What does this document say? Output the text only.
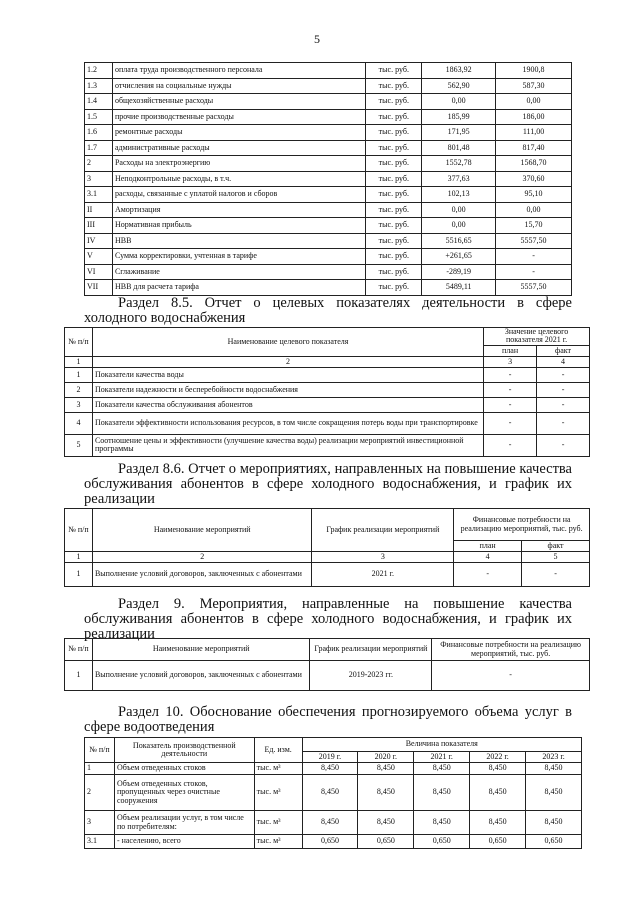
5
1.2	оплата труда производственного персонала	тыс. руб.	1863,92	1900,8
1.3	отчисления на социальные нужды	тыс. руб.	562,90	587,30
1.4	общехозяйственные расходы	тыс. руб.	0,00	0,00
1.5	прочие производственные расходы	тыс. руб.	185,99	186,00
1.6	ремонтные расходы	тыс. руб.	171,95	111,00
1.7	административные расходы	тыс. руб.	801,48	817,40
2	Расходы на электроэнергию	тыс. руб.	1552,78	1568,70
3	Неподконтрольные расходы, в т.ч.	тыс. руб.	377,63	370,60
3.1	расходы, связанные с уплатой налогов и сборов	тыс. руб.	102,13	95,10
II	Амортизация	тыс. руб.	0,00	0,00
III	Нормативная прибыль	тыс. руб.	0,00	15,70
IV	НВВ	тыс. руб.	5516,65	5557,50
V	Сумма корректировки, учтенная в тарифе	тыс. руб.	+261,65	-
VI	Сглаживание	тыс. руб.	-289,19	-
VII	НВВ для расчета тарифа	тыс. руб.	5489,11	5557,50
Раздел 8.5. Отчет о целевых показателях деятельности в сфере холодного водоснабжения
№ п/п	Наименование целевого показателя	Значение целевого показателя 2021 г.	
		план	факт
1	2	3	4
1	Показатели качества воды	-	-
2	Показатели надежности и бесперебойности водоснабжения	-	-
3	Показатели качества обслуживания абонентов	-	-
4	Показатели эффективности использования ресурсов, в том числе сокращения потерь воды при транспортировке	-	-
5	Соотношение цены и эффективности (улучшение качества воды) реализации мероприятий инвестиционной программы	-	-
Раздел 8.6. Отчет о мероприятиях, направленных на повышение качества обслуживания абонентов в сфере холодного водоснабжения, и график их реализации
№ п/п	Наименование мероприятий	График реализации мероприятий	Финансовые потребности на реализацию мероприятий, тыс. руб.	
			план	факт
1	2	3	4	5
1	Выполнение условий договоров, заключенных с абонентами	2021 г.	-	-
Раздел 9. Мероприятия, направленные на повышение качества обслуживания абонентов в сфере холодного водоснабжения, и график их реализации
№ п/п	Наименование мероприятий	График реализации мероприятий	Финансовые потребности на реализацию мероприятий, тыс. руб.
1	Выполнение условий договоров, заключенных с абонентами	2019-2023 гг.	-
Раздел 10. Обоснование обеспечения прогнозируемого объема услуг в сфере водоотведения
№ п/п	Показатель производственной деятельности	Ед. изм.	Величина показателя				
			2019 г.	2020 г.	2021 г.	2022 г.	2023 г.
1	Объем отведенных стоков	тыс. м³	8,450	8,450	8,450	8,450	8,450
2	Объем отведенных стоков, пропущенных через очистные сооружения	тыс. м³	8,450	8,450	8,450	8,450	8,450
3	Объем реализации услуг, в том числе по потребителям:	тыс. м³	8,450	8,450	8,450	8,450	8,450
3.1	- населению, всего	тыс. м³	0,650	0,650	0,650	0,650	0,650
